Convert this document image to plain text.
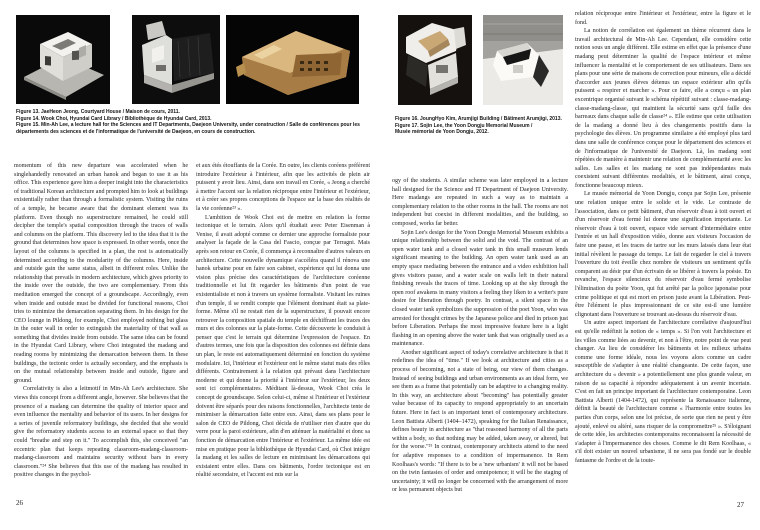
Figure 13. JaeHeon Jeong, Courtyard House / Maison de cours, 2011.
Figure 14. Wook Choi, Hyundai Card Library / Bibliothèque de Hyundai Card, 2013.
Figure 15. Min-Ah Lee, a lecture hall for the Sciences and IT Departments, Daejeon University, under construction / Salle de conférences pour les départements des sciences et de l'informatique de l'université de Daejeon, en cours de construction.

momentum of this new departure was accelerated when he singlehandedly renovated an urban hanok and began to use it as his office. This experience gave him a deeper insight into the characteristics of traditional Korean architecture and prompted him to look at buildings existentially rather than through a formalistic system. Visiting the ruins of a temple, he became aware that the dominant element was its platform. Even though no superstructure remained, he could still decipher the temple's spatial composition through the traces of walls and columns on the platform. This discovery led to the idea that it is the ground that determines how space is expressed. In other words, once the layout of the columns is specified in a plan, the rest is automatically determined according to the modularity of the columns. Here, inside and outside gain the same status, albeit in different roles. Unlike the relationship that prevails in modern architecture, which gives priority to the inside over the outside, the two are complementary. From this meditation emerged the concept of a groundscape. Accordingly, even when inside and outside must be divided for functional reasons, Choi tries to minimize the demarcation separating them. In his design for the CEO lounge in Pildong, for example, Choi employed nothing but glass in the outer wall in order to extinguish the materiality of that wall as something that divides inside from outside. The same idea can be found in the Hyundai Card Library, where Choi integrated the madang and reading rooms by minimizing the demarcation between them. In these buildings, the tectonic order is actually secondary, and the emphasis is on the mutual relationship between inside and outside, figure and ground.

Correlativity is also a leitmotif in Min-Ah Lee's architecture. She views this concept from a different angle, however. She believes that the presence of a madang can determine the quality of interior space and even influence the mentality and behavior of its users. In her designs for a series of juvenile reformatory buildings, she decided that she would give the reformatory students access to an external space so that they could "breathe and step on it." To accomplish this, she conceived "an eccentric plan that keeps repeating classroom-madang-classroom-madang-classroom and maintains security without bars in every classroom."²⁴ She believes that this use of the madang has resulted in positive changes in the psychol-

et aux étés étouffants de la Corée. En outre, les clients coréens préfèrent introduire l'extérieur à l'intérieur, afin que les activités de plein air puissent y avoir lieu. Ainsi, dans son travail en Corée, « Jeong a cherché à mettre l'accent sur la relation réciproque entre l'intérieur et l'extérieur, et à créer ses propres conceptions de l'espace sur la base des réalités de la vie coréenne²³ ».

L'ambition de Wook Choi est de mettre en relation la forme tectonique et le terrain. Alors qu'il étudiait avec Peter Eisenman à Venise, il avait adopté comme ce dernier une approche formaliste pour analyser la façade de la Casa del Fascio, conçue par Terragni. Mais après son retour en Corée, il commença à reconnaître d'autres valeurs en architecture. Cette nouvelle dynamique s'accéléra quand il rénova une hanok urbaine pour en faire son cabinet, expérience qui lui donna une vision plus précise des caractéristiques de l'architecture coréenne traditionnelle et lui fit regarder les bâtiments d'un point de vue existentialiste et non à travers un système formaliste. Visitant les ruines d'un temple, il se rendit compte que l'élément dominant était sa plate-forme. Même s'il ne restait rien de la superstructure, il pouvait encore retrouver la composition spatiale du temple en déchiffrant les traces des murs et des colonnes sur la plate-forme. Cette découverte le conduisit à penser que c'est le terrain qui détermine l'expression de l'espace. En d'autres termes, une fois que la disposition des colonnes est définie dans un plan, le reste est automatiquement déterminé en fonction du système modulaire. Ici, l'intérieur et l'extérieur ont le même statut mais des rôles différents. Contrairement à la relation qui prévaut dans l'architecture moderne et qui donne la priorité à l'intérieur sur l'extérieur, les deux sont ici complémentaires. Méditant là-dessus, Wook Choi créa le concept de groundscape. Selon celui-ci, même si l'intérieur et l'extérieur doivent être séparés pour des raisons fonctionnelles, l'architecte tente de minimiser la démarcation faite entre eux. Ainsi, dans ses plans pour le salon de CEO de Pildong, Choi décida de n'utiliser rien d'autre que du verre pour la paroi extérieure, afin d'en atténuer la matérialité et donc sa fonction de démarcation entre l'intérieur et l'extérieur. La même idée est mise en pratique pour la bibliothèque de Hyundai Card, où Choi intègre la madang et les salles de lecture en minimisant les démarcations qui existaient entre elles. Dans ces bâtiments, l'ordre tectonique est en réalité secondaire, et l'accent est mis sur la

26
Figure 16. JoungHyo Kim, Arumjigi Building / Bâtiment Arumjigi, 2013.
Figure 17. Sojin Lee, the Yoon Dongju Memorial Museum /
Musée mémorial de Yoon Dongju, 2012.

ogy of the students. A similar scheme was later employed in a lecture hall designed for the Science and IT Department of Daejeon University. Here madangs are repeated in such a way as to maintain a complementary relation to the other rooms in the hall. The rooms are not independent but coexist in different modalities, and the building, so composed, works far better.

Sojin Lee's design for the Yoon Dongju Memorial Museum exhibits a unique relationship between the solid and the void. The contrast of an open water tank and a closed water tank in this small museum lends significant meaning to the building. An open water tank used as an empty space mediating between the entrance and a video exhibition hall gives visitors pause, and a water scale on walls left in their natural finishing reveals the traces of time. Looking up at the sky through the open roof awakens in many visitors a feeling they liken to a writer's pure desire for liberation through poetry. In contrast, a silent space in the closed water tank symbolizes the suppression of the poet Yoon, who was arrested for thought crimes by the Japanese police and died in prison just before Liberation. Perhaps the most impressive feature here is a light flashing in an opening above the water tank that was originally used as a maintenance.

Another significant aspect of today's correlative architecture is that it redefines the idea of "time." If we look at architecture and cities as a process of becoming, not a state of being, our view of them changes. Instead of seeing buildings and urban environments as an ideal form, we see them as a frame that potentially can be adaptive to a changing reality. In this way, an architecture about "becoming" has potentially greater value because of its capacity to respond appropriately to an uncertain future. Here in fact is an important tenet of contemporary architecture. Leon Battista Alberti (1404–1472), speaking for the Italian Renaissance, defines beauty in architecture as "that reasoned harmony of all the parts within a body, so that nothing may be added, taken away, or altered, but for the worse."²⁵ In contrast, contemporary architects attend to the need for adaptive responses to a condition of impermanence. In Rem Koolhaas's words: "If there is to be a 'new urbanism' it will not be based on the twin fantasies of order and omnipotence; it will be the staging of uncertainty; it will no longer be concerned with the arrangement of more or less permanent objects but

relation réciproque entre l'intérieur et l'extérieur, entre la figure et le fond.

La notion de corrélation est également un thème récurrent dans le travail architectural de Min-Ah Lee. Cependant, elle considère cette notion sous un angle différent. Elle estime en effet que la présence d'une madang peut déterminer la qualité de l'espace intérieur et même influencer la mentalité et le comportement de ses utilisateurs. Dans ses plans pour une série de maisons de correction pour mineurs, elle a décidé d'accorder aux jeunes élèves détenus un espace extérieur afin qu'ils puissent « respirer et marcher ». Pour ce faire, elle a conçu « un plan excentrique organisé suivant le schéma répétitif suivant : classe-madang-classe-madang-classe, qui maintient la sécurité sans qu'il faille des barreaux dans chaque salle de classe²⁴ ». Elle estime que cette utilisation de la madang a donné lieu à des changements positifs dans la psychologie des élèves. Un programme similaire a été employé plus tard dans une salle de conférence conçue pour le département des sciences et de l'informatique de l'université de Daejeon. Là, les madang sont répétées de manière à maintenir une relation de complémentarité avec les salles. Les salles et les madang ne sont pas indépendantes mais coexistent suivant différentes modalités, et le bâtiment, ainsi conçu, fonctionne beaucoup mieux.

Le musée mémorial de Yoon Dongju, conçu par Sojin Lee, présente une relation unique entre le solide et le vide. Le contraste de l'association, dans ce petit bâtiment, d'un réservoir d'eau à toit ouvert et d'un réservoir d'eau fermé lui donne une signification importante. Le réservoir d'eau à toit ouvert, espace vide servant d'intermédiaire entre l'entrée et un hall d'exposition vidéo, donne aux visiteurs l'occasion de faire une pause, et les traces de tartre sur les murs laissés dans leur état initial révèlent le passage du temps. Le fait de regarder le ciel à travers l'ouverture du toit éveille chez nombre de visiteurs un sentiment qu'ils comparent au désir pur d'un écrivain de se libérer à travers la poésie. En revanche, l'espace silencieux du réservoir d'eau fermé symbolise l'élimination du poète Yoon, qui fut arrêté par la police japonaise pour crime politique et qui est mort en prison juste avant la Libération. Peut-être l'élément le plus impressionnant de ce site est-il une lumière clignotant dans l'ouverture se trouvant au-dessus du réservoir d'eau.

Un autre aspect important de l'architecture corrélative d'aujourd'hui est qu'elle redéfinit la notion de « temps ». Si l'on voit l'architecture et les villes comme liées au devenir, et non à l'être, notre point de vue peut changer. Au lieu de considérer les bâtiments et les milieux urbains comme une forme idéale, nous les voyons alors comme un cadre susceptible de s'adapter à une réalité changeante. De cette façon, une architecture du « devenir » a potentiellement une plus grande valeur, en raison de sa capacité à répondre adéquatement à un avenir incertain. C'est en fait un principe important de l'architecture contemporaine. Leon Battista Alberti (1404-1472), qui représente la Renaissance italienne, définit la beauté de l'architecture comme « l'harmonie entre toutes les parties d'un corps, selon une loi précise, de sorte que rien ne peut y être ajouté, enlevé ou altéré, sans risquer de la compromettre²⁵ ». S'éloignant de cette idée, les architectes contemporains reconnaissent la nécessité de s'adapter à l'impermanence des choses. Comme le dit Rem Koolhaas, « s'il doit exister un nouvel urbanisme, il ne sera pas fondé sur le double fantasme de l'ordre et de la toute-

27
